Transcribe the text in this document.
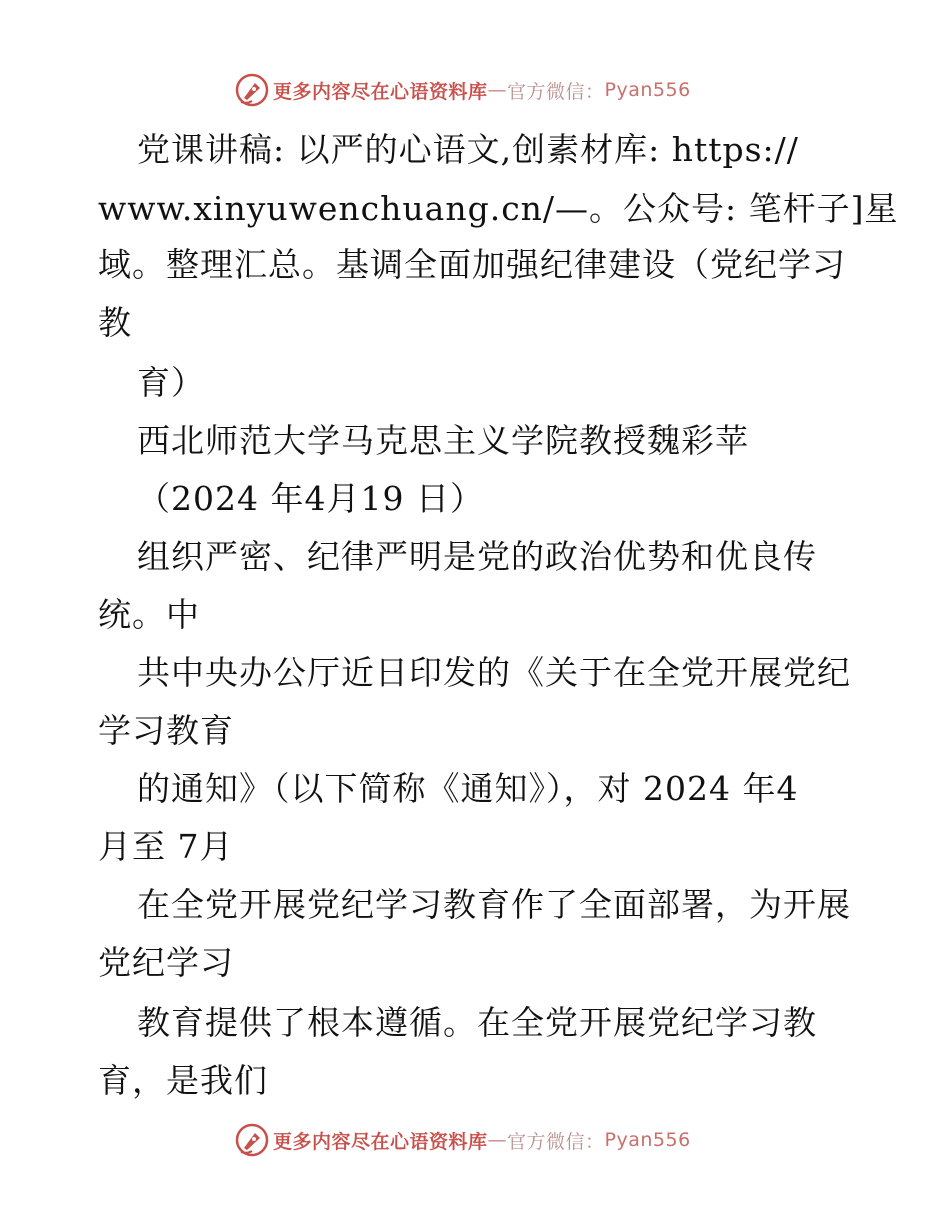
更多内容尽在心语资料库 — 官方微信： Pyan556
党课讲稿: 以严的心语文,创素材库: https://
www.xinyuwenchuang.cn/—。公众号: 笔杆子]星
域。整理汇总。基调全面加强纪律建设（党纪学习
教
育）
西北师范大学马克思主义学院教授魏彩苹
（2024 年4月19 日）
组织严密、纪律严明是党的政治优势和优良传
统。中
共中央办公厅近日印发的《关于在全党开展党纪
学习教育
的通知》（以下简称《通知》），对 2024 年4
月至 7月
在全党开展党纪学习教育作了全面部署，为开展
党纪学习
教育提供了根本遵循。在全党开展党纪学习教
育，是我们
更多内容尽在心语资料库 — 官方微信： Pyan556
